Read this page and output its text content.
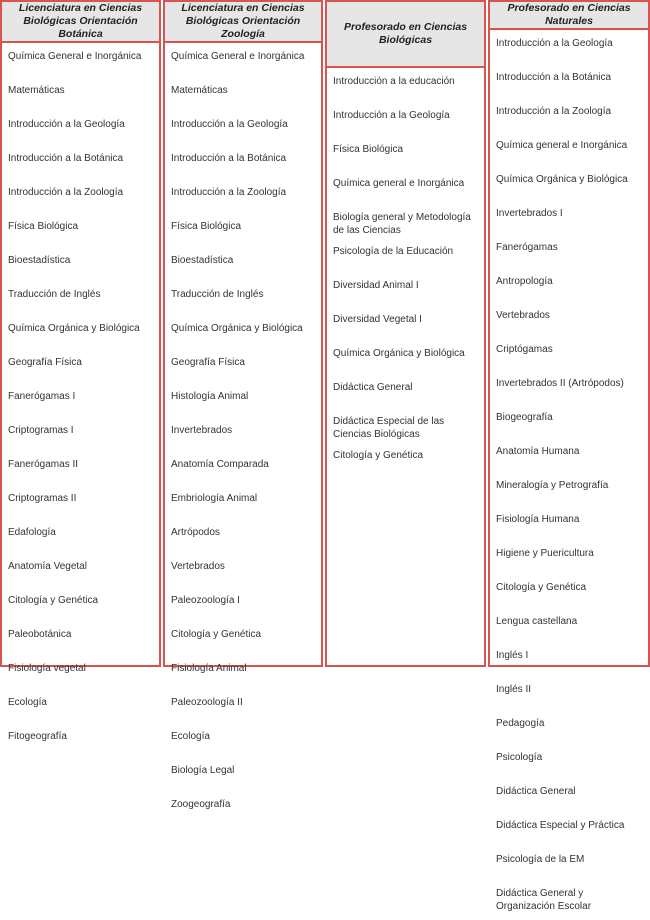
Licenciatura en Ciencias Biológicas Orientación Botánica
Química General e Inorgánica
Matemáticas
Introducción a la Geología
Introducción a la Botánica
Introducción a la Zoología
Física Biológica
Bioestadística
Traducción de Inglés
Química Orgánica y Biológica
Geografía Física
Fanerógamas I
Criptogramas I
Fanerógamas II
Criptogramas II
Edafología
Anatomía Vegetal
Citología y Genética
Paleobotánica
Fisiología vegetal
Ecología
Fitogeografía
Licenciatura en Ciencias Biológicas Orientación Zoología
Química General e Inorgánica
Matemáticas
Introducción a la Geología
Introducción a la Botánica
Introducción a la Zoología
Física Biológica
Bioestadística
Traducción de Inglés
Química Orgánica y Biológica
Geografía Física
Histología Animal
Invertebrados
Anatomía Comparada
Embriología Animal
Artrópodos
Vertebrados
Paleozoología I
Citología y Genética
Fisiología Animal
Paleozoología II
Ecología
Biología Legal
Zoogeografía
Profesorado en Ciencias Biológicas
Introducción a la educación
Introducción a la Geología
Física Biológica
Química general e Inorgánica
Biología general y Metodología de las Ciencias
Psicología de la Educación
Diversidad Animal I
Diversidad Vegetal I
Química Orgánica y Biológica
Didáctica General
Didáctica Especial de las Ciencias Biológicas
Citología y Genética
Profesorado en Ciencias Naturales
Introducción a la Geología
Introducción a la Botánica
Introducción a la Zoología
Química general e Inorgánica
Química Orgánica y Biológica
Invertebrados I
Fanerógamas
Antropología
Vertebrados
Criptógamas
Invertebrados II (Artrópodos)
Biogeografía
Anatomía Humana
Mineralogía y Petrografía
Fisiología Humana
Higiene y Puericultura
Citología y Genética
Lengua castellana
Inglés I
Inglés II
Pedagogía
Psicología
Didáctica General
Didáctica Especial y Práctica
Psicología de la EM
Didáctica General y Organización Escolar
